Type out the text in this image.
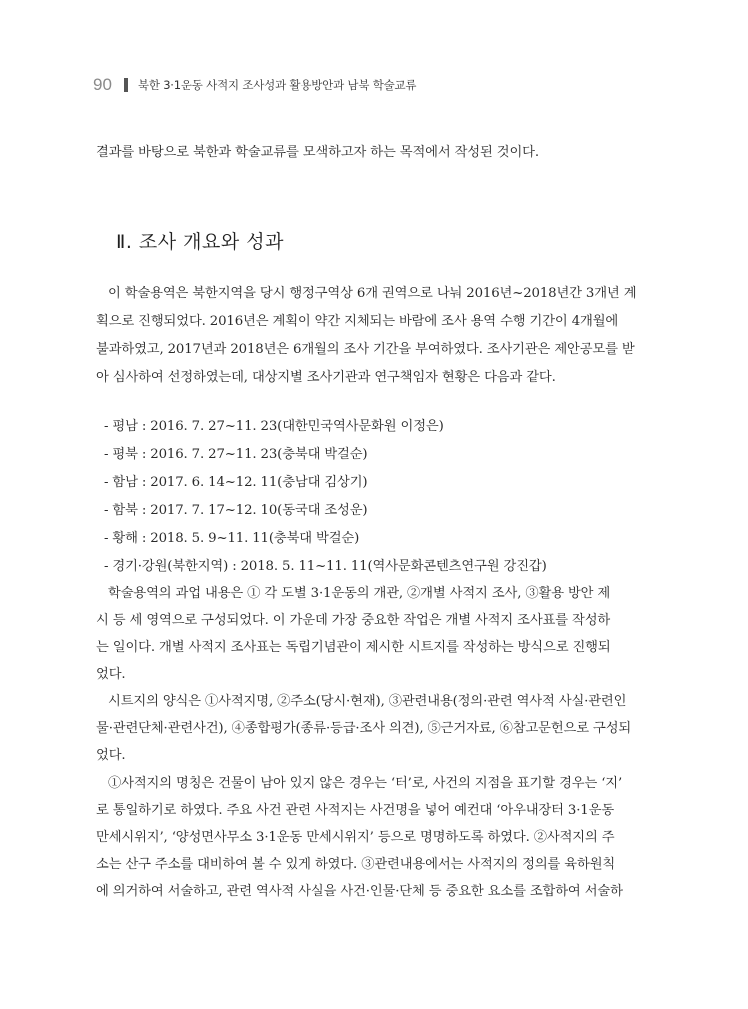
90 북한 3·1운동 사적지 조사성과 활용방안과 남북 학술교류
결과를 바탕으로 북한과 학술교류를 모색하고자 하는 목적에서 작성된 것이다.
Ⅱ. 조사 개요와 성과
이 학술용역은 북한지역을 당시 행정구역상 6개 권역으로 나눠 2016년~2018년간 3개년 계
획으로 진행되었다. 2016년은 계획이 약간 지체되는 바람에 조사 용역 수행 기간이 4개월에
불과하였고, 2017년과 2018년은 6개월의 조사 기간을 부여하였다. 조사기관은 제안공모를 받
아 심사하여 선정하였는데, 대상지별 조사기관과 연구책임자 현황은 다음과 같다.
- 평남 : 2016. 7. 27~11. 23(대한민국역사문화원 이정은)
- 평북 : 2016. 7. 27~11. 23(충북대 박걸순)
- 함남 : 2017. 6. 14~12. 11(충남대 김상기)
- 함북 : 2017. 7. 17~12. 10(동국대 조성운)
- 황해 : 2018. 5. 9~11. 11(충북대 박걸순)
- 경기·강원(북한지역) : 2018. 5. 11~11. 11(역사문화콘텐츠연구원 강진갑)
학술용역의 과업 내용은 ① 각 도별 3·1운동의 개관, ②개별 사적지 조사, ③활용 방안 제
시 등 세 영역으로 구성되었다. 이 가운데 가장 중요한 작업은 개별 사적지 조사표를 작성하
는 일이다. 개별 사적지 조사표는 독립기념관이 제시한 시트지를 작성하는 방식으로 진행되
었다.
시트지의 양식은 ①사적지명, ②주소(당시·현재), ③관련내용(정의·관련 역사적 사실·관련인
물·관련단체·관련사건), ④종합평가(종류·등급·조사 의견), ⑤근거자료, ⑥참고문헌으로 구성되
었다.
①사적지의 명칭은 건물이 남아 있지 않은 경우는 ‘터’로, 사건의 지점을 표기할 경우는 ‘지’
로 통일하기로 하였다. 주요 사건 관련 사적지는 사건명을 넣어 예컨대 ‘아우내장터 3·1운동
만세시위지’, ‘양성면사무소 3·1운동 만세시위지’ 등으로 명명하도록 하였다. ②사적지의 주
소는 산구 주소를 대비하여 볼 수 있게 하였다. ③관련내용에서는 사적지의 정의를 육하원칙
에 의거하여 서술하고, 관련 역사적 사실을 사건·인물·단체 등 중요한 요소를 조합하여 서술하
